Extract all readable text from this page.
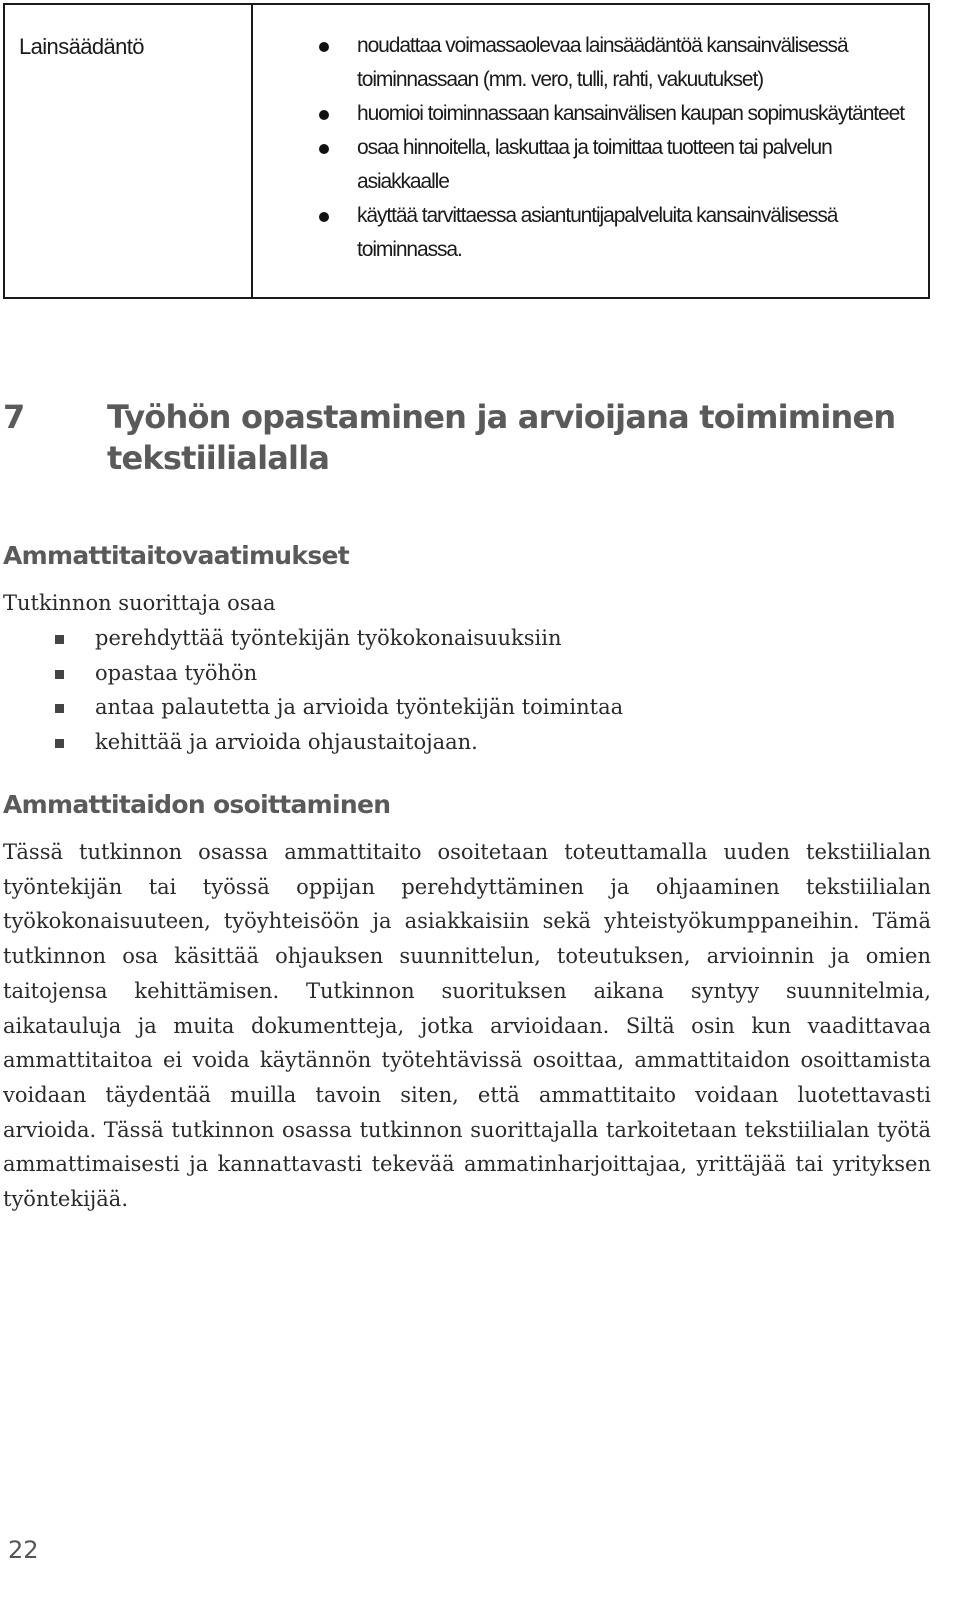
Lainsäädäntö	noudattaa voimassaolevaa lainsäädäntöä kansainvälisessä toiminnassaan (mm. vero, tulli, rahti, vakuutukset)
huomioi toiminnassaan kansainvälisen kaupan sopimuskäytänteet
osaa hinnoitella, laskuttaa ja toimittaa tuotteen tai palvelun asiakkaalle
käyttää tarvittaessa asiantuntijapalveluita kansainvälisessä toiminnassa.
7	Työhön opastaminen ja arvioijana toimiminen
tekstiilialalla
Ammattitaitovaatimukset
Tutkinnon suorittaja osaa
perehdyttää työntekijän työkokonaisuuksiin
opastaa työhön
antaa palautetta ja arvioida työntekijän toimintaa
kehittää ja arvioida ohjaustaitojaan.
Ammattitaidon osoittaminen

Tässä tutkinnon osassa ammattitaito osoitetaan toteuttamalla uuden tekstiilialan työntekijän tai työssä oppijan perehdyttäminen ja ohjaaminen tekstiilialan työkokonaisuuteen, työyhteisöön ja asiakkaisiin sekä yhteistyökumppaneihin. Tämä tutkinnon osa käsittää ohjauksen suunnittelun, toteutuksen, arvioinnin ja omien taitojensa kehittämisen. Tutkinnon suorituksen aikana syntyy suunnitelmia, aikatauluja ja muita dokumentteja, jotka arvioidaan. Siltä osin kun vaadittavaa ammattitaitoa ei voida käytännön työtehtävissä osoittaa, ammattitaidon osoittamista voidaan täydentää muilla tavoin siten, että ammattitaito voidaan luotettavasti arvioida. Tässä tutkinnon osassa tutkinnon suorittajalla tarkoitetaan tekstiilialan työtä ammattimaisesti ja kannattavasti tekevää ammatinharjoittajaa, yrittäjää tai yrityksen työntekijää.

22
